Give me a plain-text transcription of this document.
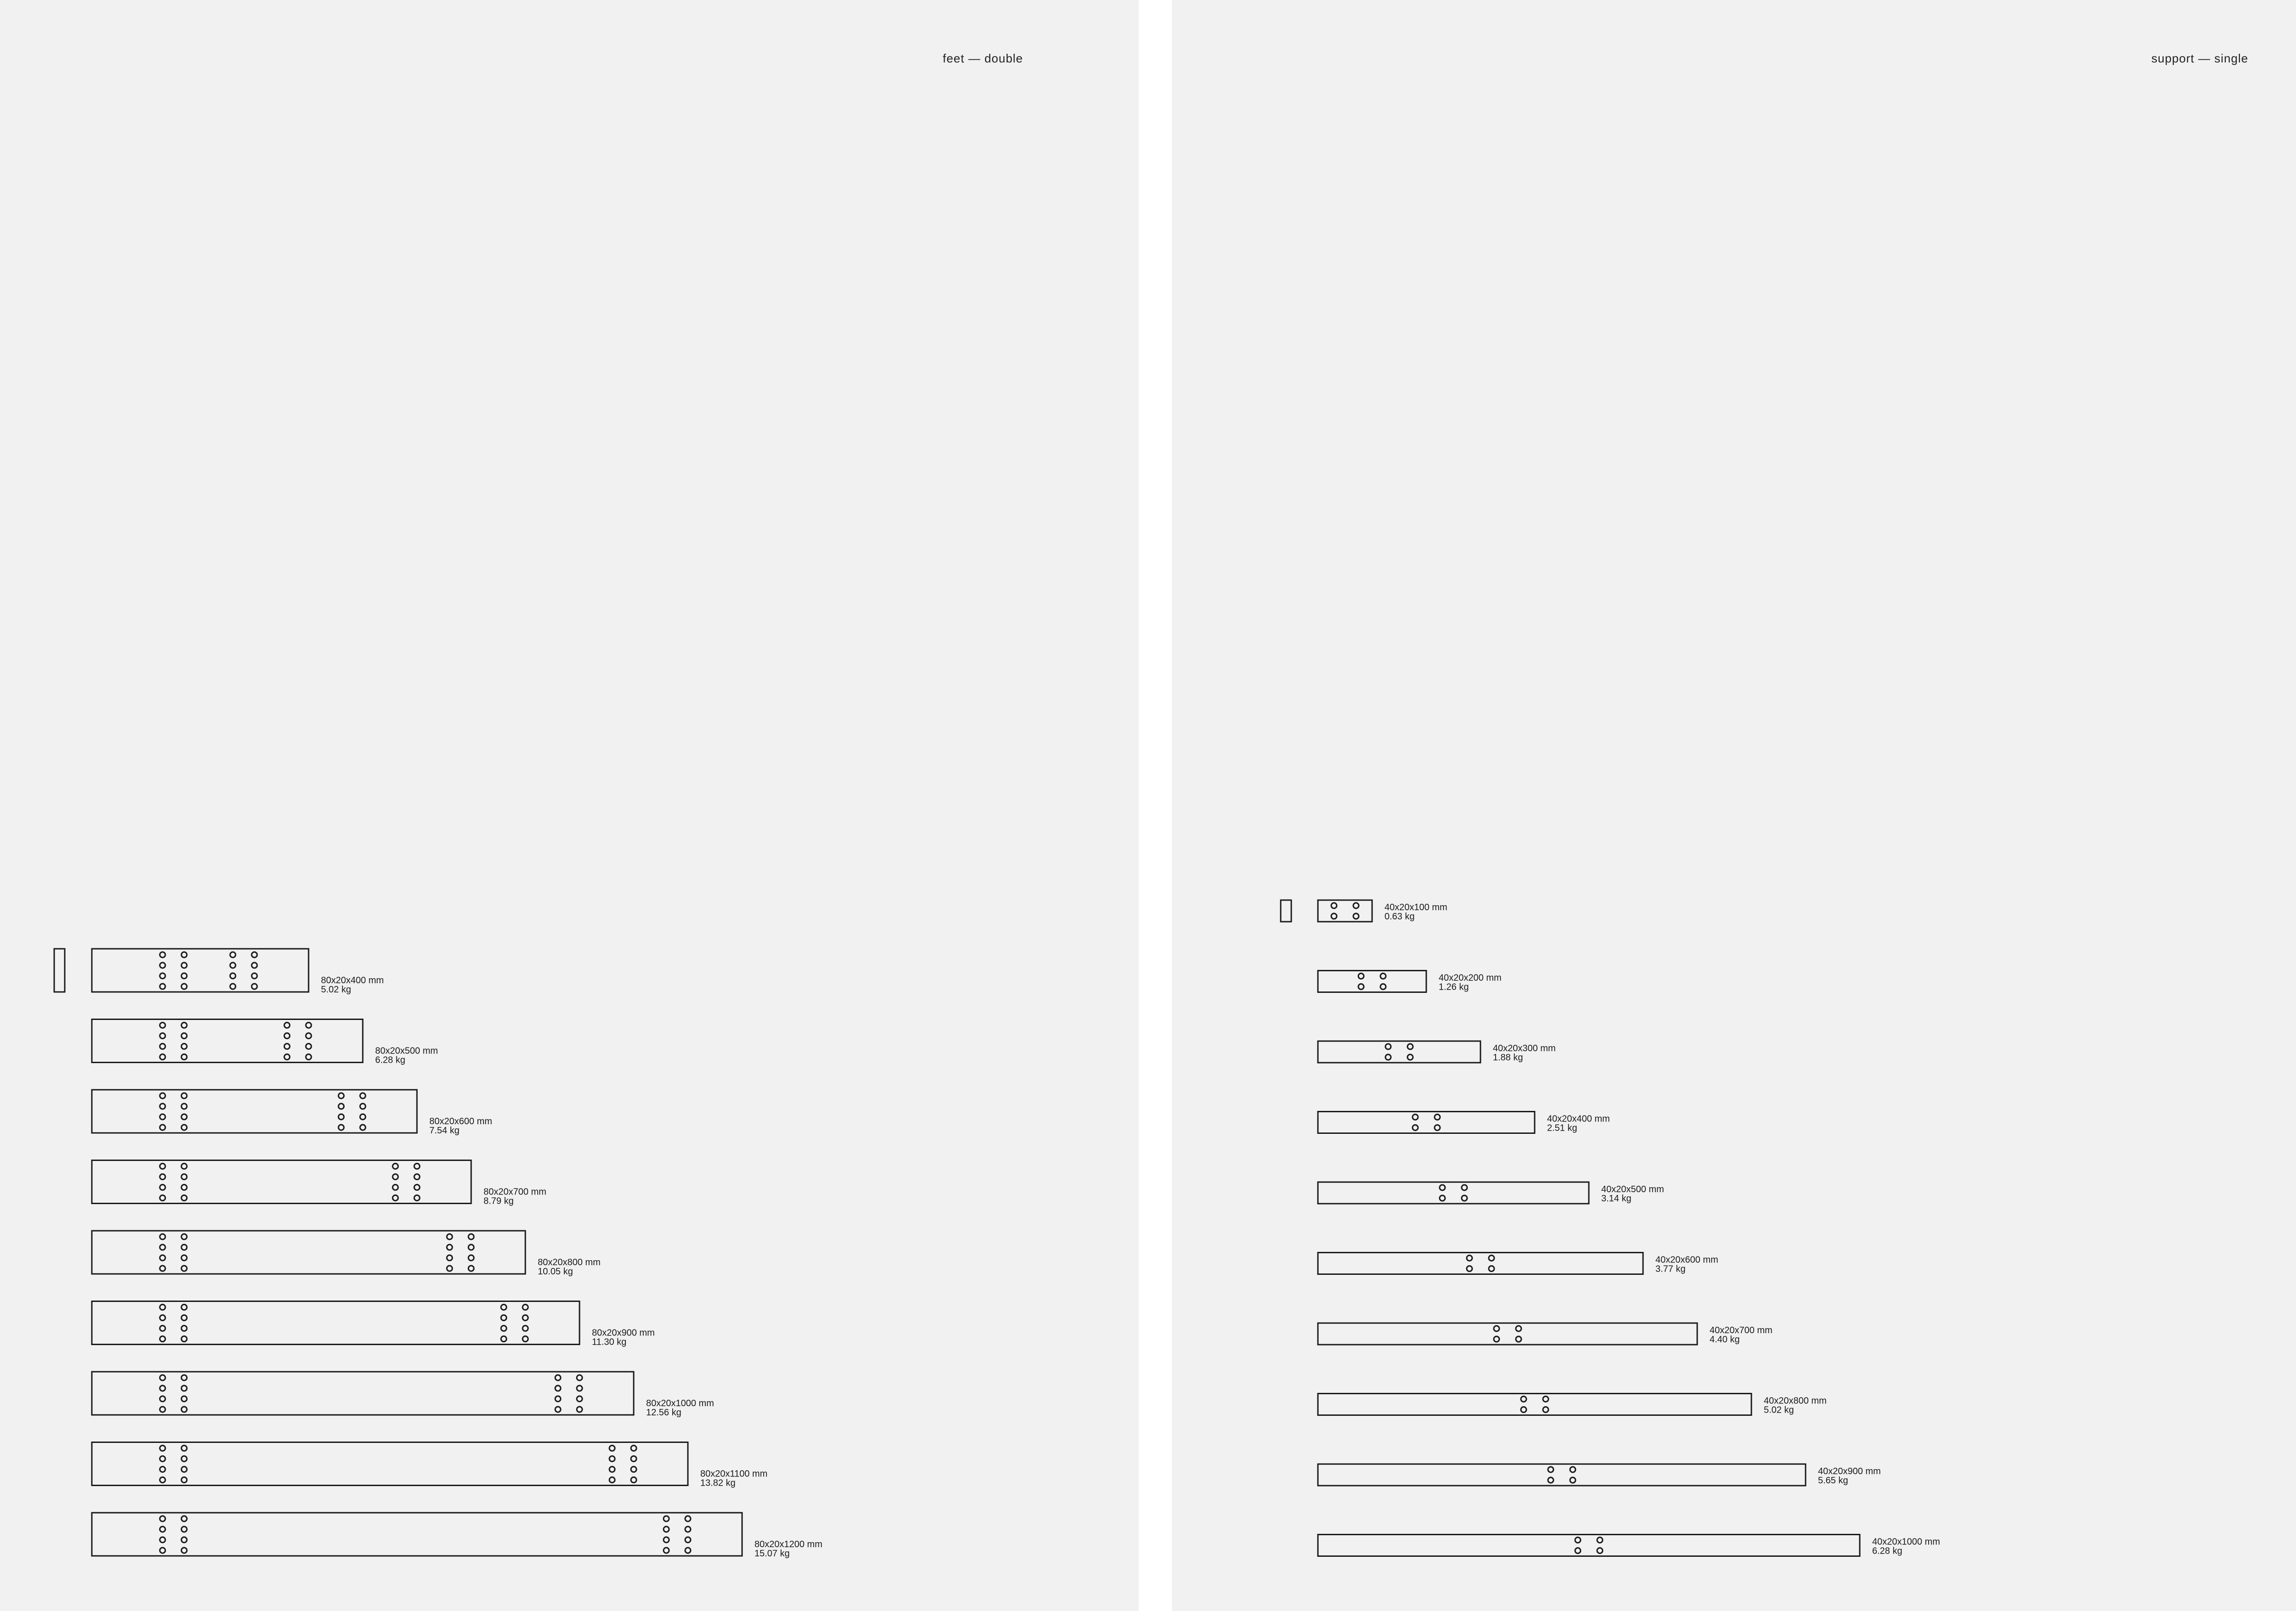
feet — double
80x20x400 mm
5.02 kg
80x20x500 mm
6.28 kg
80x20x600 mm
7.54 kg
80x20x700 mm
8.79 kg
80x20x800 mm
10.05 kg
80x20x900 mm
11.30 kg
80x20x1000 mm
12.56 kg
80x20x1100 mm
13.82 kg
80x20x1200 mm
15.07 kg
support — single
40x20x100 mm
0.63 kg
40x20x200 mm
1.26 kg
40x20x300 mm
1.88 kg
40x20x400 mm
2.51 kg
40x20x500 mm
3.14 kg
40x20x600 mm
3.77 kg
40x20x700 mm
4.40 kg
40x20x800 mm
5.02 kg
40x20x900 mm
5.65 kg
40x20x1000 mm
6.28 kg
